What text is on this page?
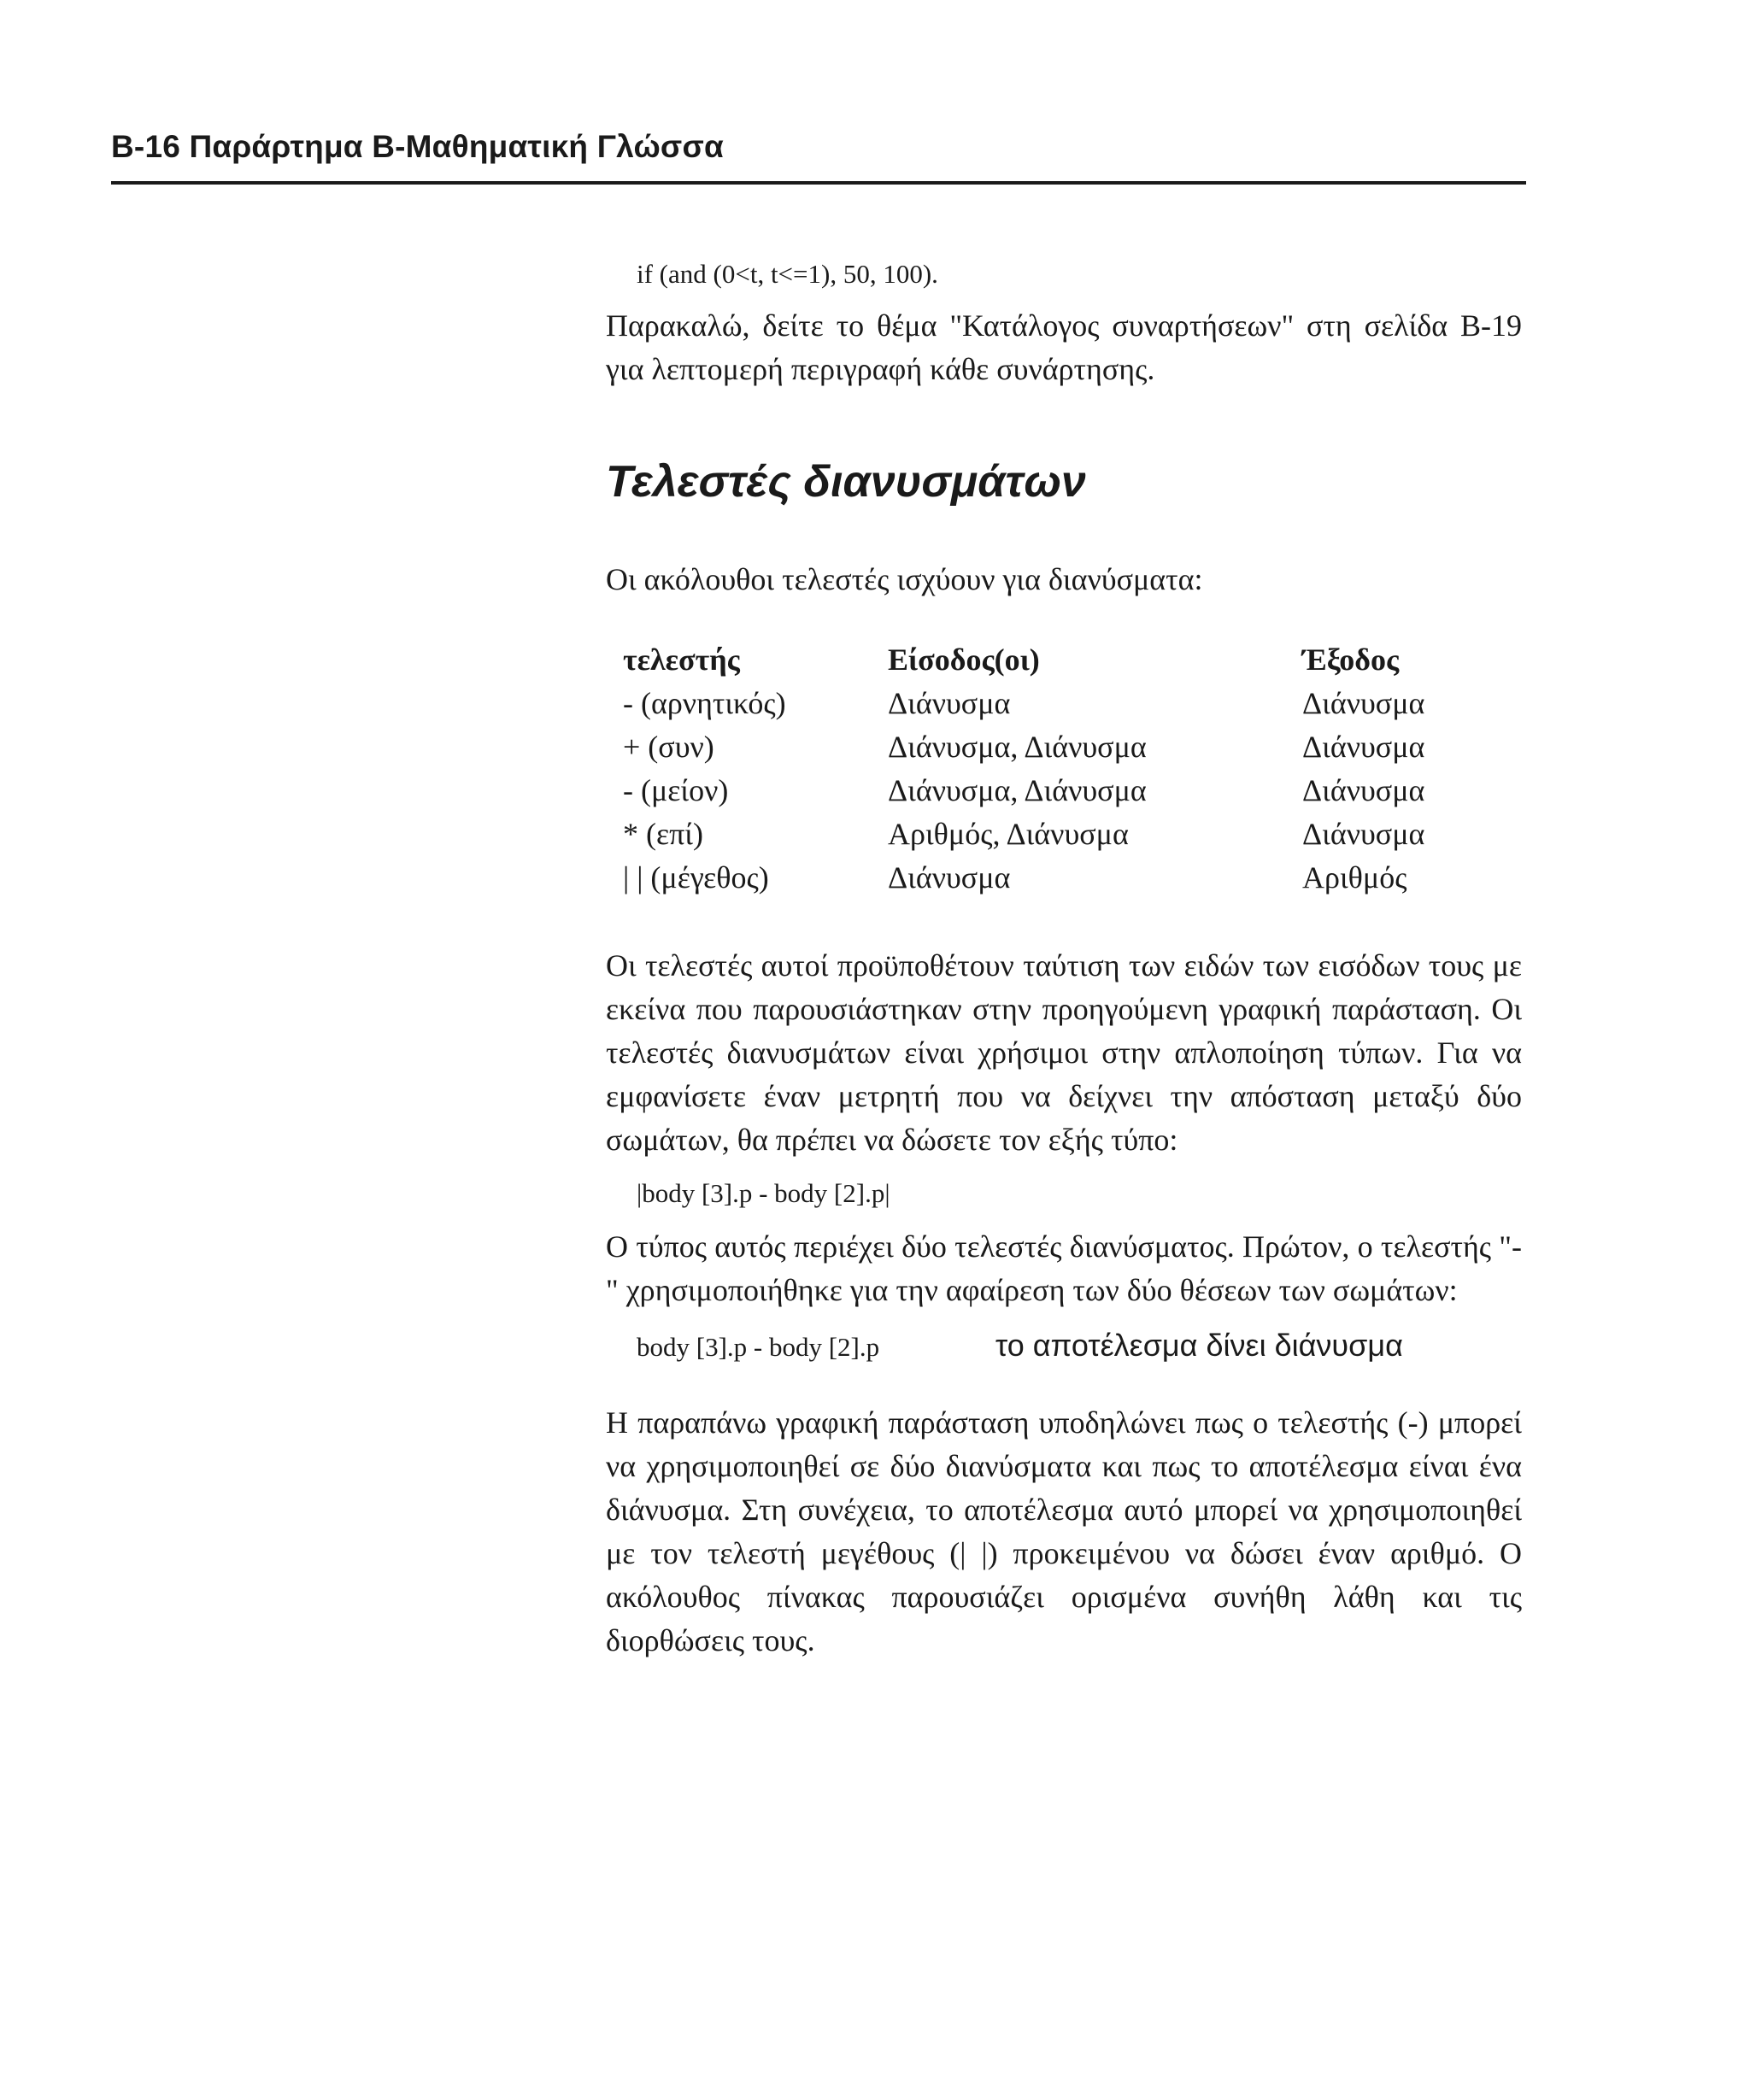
B-16 Παράρτημα Β-Μαθηματική Γλώσσα

if (and (0<t, t<=1), 50, 100).

Παρακαλώ, δείτε το θέμα "Κατάλογος συναρτήσεων" στη σελίδα Β-19 για λεπτομερή περιγραφή κάθε συνάρτησης.

Τελεστές διανυσμάτων

Οι ακόλουθοι τελεστές ισχύουν για διανύσματα:

τελεστής	Είσοδος(οι)	Έξοδος
- (αρνητικός)	Διάνυσμα	Διάνυσμα
+ (συν)	Διάνυσμα, Διάνυσμα	Διάνυσμα
- (μείον)	Διάνυσμα, Διάνυσμα	Διάνυσμα
* (επί)	Αριθμός, Διάνυσμα	Διάνυσμα
| | (μέγεθος)	Διάνυσμα	Αριθμός

Οι τελεστές αυτοί προϋποθέτουν ταύτιση των ειδών των εισόδων τους με εκείνα που παρουσιάστηκαν στην προηγούμενη γραφική παράσταση. Οι τελεστές διανυσμάτων είναι χρήσιμοι στην απλοποίηση τύπων. Για να εμφανίσετε έναν μετρητή που να δείχνει την απόσταση μεταξύ δύο σωμάτων, θα πρέπει να δώσετε τον εξής τύπο:

|body [3].p - body [2].p|

Ο τύπος αυτός περιέχει δύο τελεστές διανύσματος. Πρώτον, ο τελεστής "-" χρησιμοποιήθηκε για την αφαίρεση των δύο θέσεων των σωμάτων:

body [3].p - body [2].p	το αποτέλεσμα δίνει διάνυσμα

Η παραπάνω γραφική παράσταση υποδηλώνει πως ο τελεστής (-) μπορεί να χρησιμοποιηθεί σε δύο διανύσματα και πως το αποτέλεσμα είναι ένα διάνυσμα. Στη συνέχεια, το αποτέλεσμα αυτό μπορεί να χρησιμοποιηθεί με τον τελεστή μεγέθους (| |) προκειμένου να δώσει έναν αριθμό. Ο ακόλουθος πίνακας παρουσιάζει ορισμένα συνήθη λάθη και τις διορθώσεις τους.
